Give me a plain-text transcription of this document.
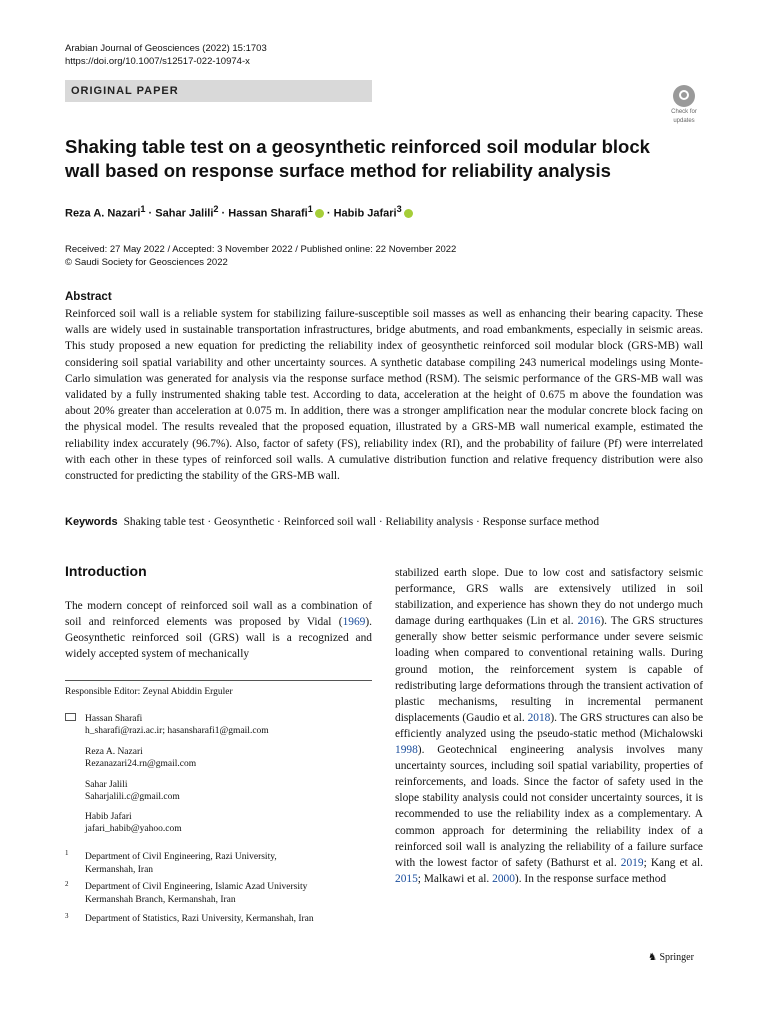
Arabian Journal of Geosciences (2022) 15:1703
https://doi.org/10.1007/s12517-022-10974-x
ORIGINAL PAPER
Check for
updates
Shaking table test on a geosynthetic reinforced soil modular block wall based on response surface method for reliability analysis
Reza A. Nazari$^1$ · Sahar Jalili$^2$ · Hassan Sharafi$^1$ · Habib Jafari$^3$
Received: 27 May 2022 / Accepted: 3 November 2022 / Published online: 22 November 2022
© Saudi Society for Geosciences 2022
Abstract
Reinforced soil wall is a reliable system for stabilizing failure-susceptible soil masses as well as enhancing their bearing capacity. These walls are widely used in sustainable transportation infrastructures, bridge abutments, and road embankments, especially in seismic areas. This study proposed a new equation for predicting the reliability index of geosynthetic reinforced soil modular block (GRS-MB) wall considering soil spatial variability and other uncertainty sources. A synthetic database compiling 243 numerical modelings using Monte-Carlo simulation was generated for analysis via the response surface method (RSM). The seismic performance of the GRS-MB wall was validated by a fully instrumented shaking table test. According to data, acceleration at the height of 0.675 m above the foundation was about 20% greater than acceleration at 0.075 m. In addition, there was a stronger amplification near the modular concrete block facing on the physical model. The results revealed that the proposed equation, illustrated by a GRS-MB wall numerical example, estimated the reliability index accurately (96.7%). Also, factor of safety (FS), reliability index (RI), and the probability of failure (Pf) were interrelated with each other in these types of reinforced soil walls. A cumulative distribution function and relative frequency distribution were also constructed for predicting the stability of the GRS-MB wall.
Keywords Shaking table test · Geosynthetic · Reinforced soil wall · Reliability analysis · Response surface method
Introduction
The modern concept of reinforced soil wall as a combination of soil and reinforced elements was proposed by Vidal (1969). Geosynthetic reinforced soil (GRS) wall is a recognized and widely accepted system of mechanically
stabilized earth slope. Due to low cost and satisfactory seismic performance, GRS walls are extensively utilized in soil stabilization, and experience has shown they do not undergo much damage during earthquakes (Lin et al. 2016). The GRS structures generally show better seismic performance under severe seismic loading when compared to conventional retaining walls. During ground motion, the reinforcement system is capable of redistributing large deformations through the transient activation of plastic mechanisms, resulting in incremental permanent displacements (Gaudio et al. 2018). The GRS structures can also be efficiently analyzed using the pseudo-static method (Michalowski 1998). Geotechnical engineering analysis involves many uncertainty sources, including soil spatial variability, properties of reinforcements, and loads. Since the factor of safety used in the slope stability analysis could not consider uncertainty sources, it is recommended to use the reliability index as a complementary. A common approach for determining the reliability index of a reinforced soil wall is analyzing the reliability of a failure surface with the lowest factor of safety (Bathurst et al. 2019; Kang et al. 2015; Malkawi et al. 2000). In the response surface method
Responsible Editor: Zeynal Abiddin Erguler
Hassan Sharafi
h_sharafi@razi.ac.ir; hasansharafi1@gmail.com
Reza A. Nazari
Rezanazari24.rn@gmail.com
Sahar Jalili
Saharjalili.c@gmail.com
Habib Jafari
jafari_habib@yahoo.com
1 Department of Civil Engineering, Razi University,
Kermanshah, Iran
2 Department of Civil Engineering, Islamic Azad University
Kermanshah Branch, Kermanshah, Iran
3 Department of Statistics, Razi University, Kermanshah, Iran
♞ Springer
